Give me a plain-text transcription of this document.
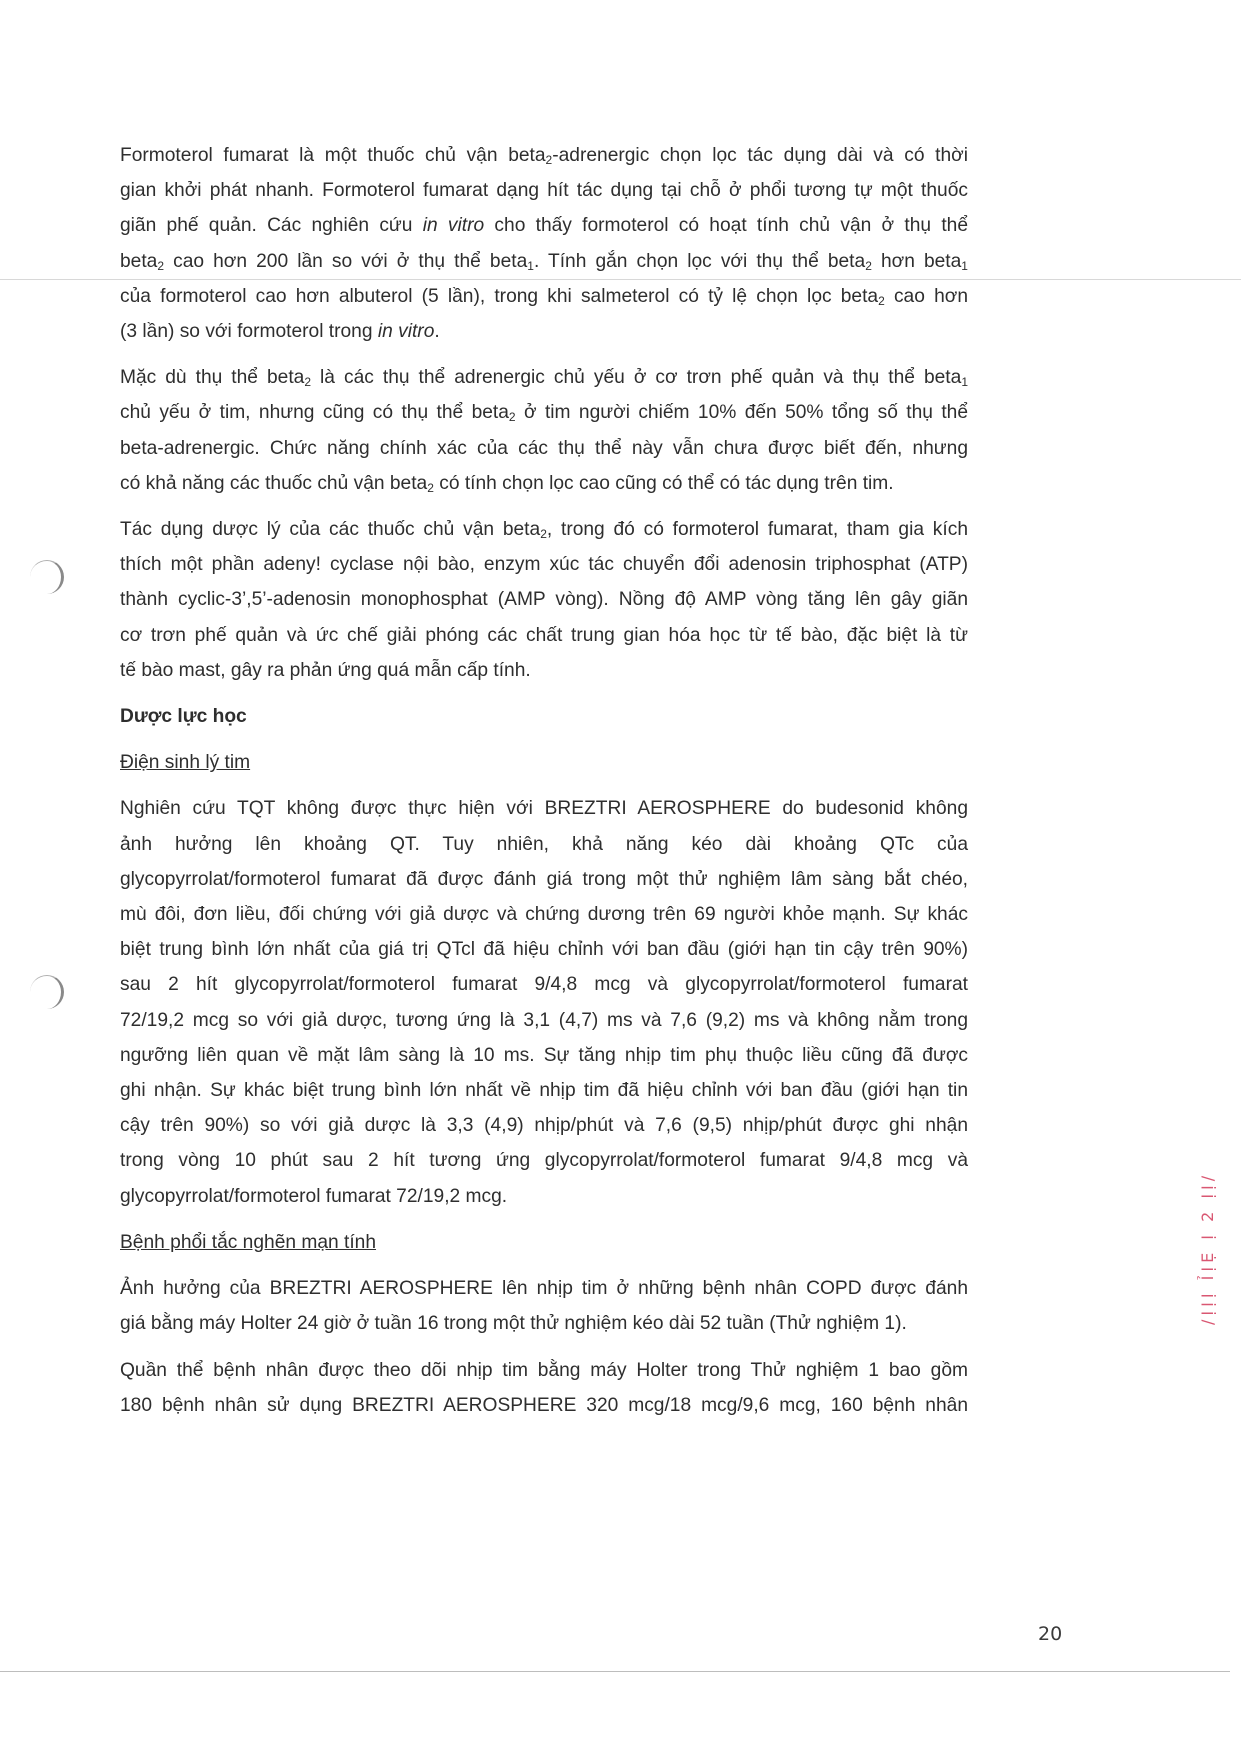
Formoterol fumarat là một thuốc chủ vận beta$_2$-adrenergic chọn lọc tác dụng dài và có thời
gian khởi phát nhanh. Formoterol fumarat dạng hít tác dụng tại chỗ ở phổi tương tự một thuốc
giãn phế quản. Các nghiên cứu in vitro cho thấy formoterol có hoạt tính chủ vận ở thụ thể
beta$_2$ cao hơn 200 lần so với ở thụ thể beta$_1$. Tính gắn chọn lọc với thụ thể beta$_2$ hơn beta$_1$
của formoterol cao hơn albuterol (5 lần), trong khi salmeterol có tỷ lệ chọn lọc beta$_2$ cao hơn
(3 lần) so với formoterol trong in vitro.

Mặc dù thụ thể beta$_2$ là các thụ thể adrenergic chủ yếu ở cơ trơn phế quản và thụ thể beta$_1$
chủ yếu ở tim, nhưng cũng có thụ thể beta$_2$ ở tim người chiếm 10% đến 50% tổng số thụ thể
beta-adrenergic. Chức năng chính xác của các thụ thể này vẫn chưa được biết đến, nhưng
có khả năng các thuốc chủ vận beta$_2$ có tính chọn lọc cao cũng có thể có tác dụng trên tim.

Tác dụng dược lý của các thuốc chủ vận beta$_2$, trong đó có formoterol fumarat, tham gia kích
thích một phần adeny! cyclase nội bào, enzym xúc tác chuyển đổi adenosin triphosphat (ATP)
thành cyclic-3’,5’-adenosin monophosphat (AMP vòng). Nồng độ AMP vòng tăng lên gây giãn
cơ trơn phế quản và ức chế giải phóng các chất trung gian hóa học từ tế bào, đặc biệt là từ
tế bào mast, gây ra phản ứng quá mẫn cấp tính.

Dược lực học
Điện sinh lý tim

Nghiên cứu TQT không được thực hiện với BREZTRI AEROSPHERE do budesonid không
ảnh hưởng lên khoảng QT. Tuy nhiên, khả năng kéo dài khoảng QTc của
glycopyrrolat/formoterol fumarat đã được đánh giá trong một thử nghiệm lâm sàng bắt chéo,
mù đôi, đơn liều, đối chứng với giả dược và chứng dương trên 69 người khỏe mạnh. Sự khác
biệt trung bình lớn nhất của giá trị QTcl đã hiệu chỉnh với ban đầu (giới hạn tin cậy trên 90%)
sau 2 hít glycopyrrolat/formoterol fumarat 9/4,8 mcg và glycopyrrolat/formoterol fumarat
72/19,2 mcg so với giả dược, tương ứng là 3,1 (4,7) ms và 7,6 (9,2) ms và không nằm trong
ngưỡng liên quan về mặt lâm sàng là 10 ms. Sự tăng nhịp tim phụ thuộc liều cũng đã được
ghi nhận. Sự khác biệt trung bình lớn nhất về nhịp tim đã hiệu chỉnh với ban đầu (giới hạn tin
cậy trên 90%) so với giả dược là 3,3 (4,9) nhịp/phút và 7,6 (9,5) nhịp/phút được ghi nhận
trong vòng 10 phút sau 2 hít tương ứng glycopyrrolat/formoterol fumarat 9/4,8 mcg và
glycopyrrolat/formoterol fumarat 72/19,2 mcg.

Bệnh phổi tắc nghẽn mạn tính

Ảnh hưởng của BREZTRI AEROSPHERE lên nhịp tim ở những bệnh nhân COPD được đánh
giá bằng máy Holter 24 giờ ở tuần 16 trong một thử nghiệm kéo dài 52 tuần (Thử nghiệm 1).

Quần thể bệnh nhân được theo dõi nhịp tim bằng máy Holter trong Thử nghiệm 1 bao gồm
180 bệnh nhân sử dụng BREZTRI AEROSPHERE 320 mcg/18 mcg/9,6 mcg, 160 bệnh nhân

/ỊỊỊ ỈỊẸ Ị 2 ỊỊ/
20
